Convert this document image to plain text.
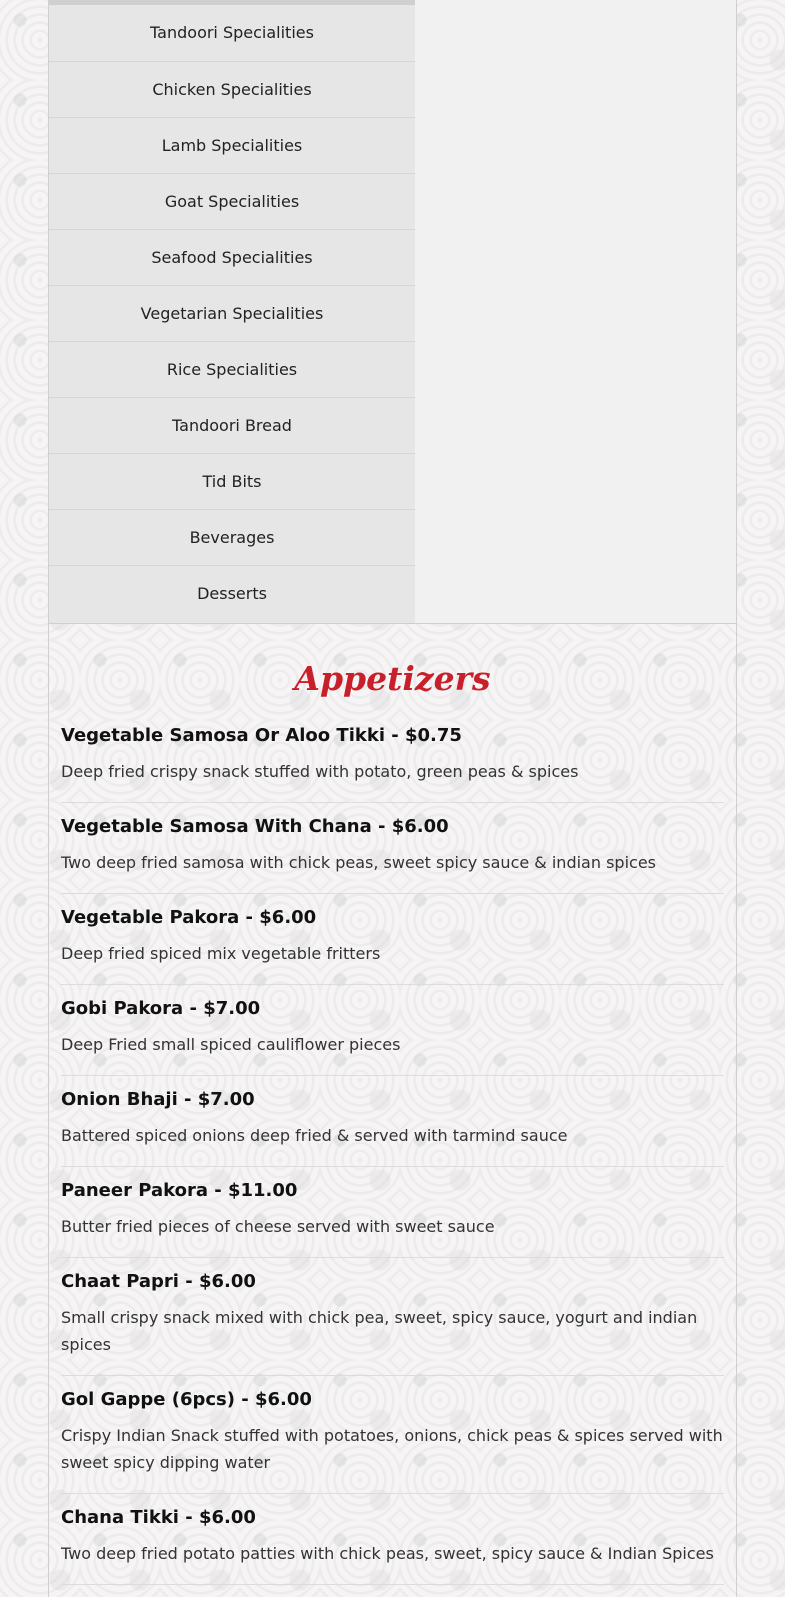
Tandoori Specialities
Chicken Specialities
Lamb Specialities
Goat Specialities
Seafood Specialities
Vegetarian Specialities
Rice Specialities
Tandoori Bread
Tid Bits
Beverages
Desserts
Appetizers

Vegetable Samosa Or Aloo Tikki - $0.75

Deep fried crispy snack stuffed with potato, green peas & spices

Vegetable Samosa With Chana - $6.00

Two deep fried samosa with chick peas, sweet spicy sauce & indian spices

Vegetable Pakora - $6.00

Deep fried spiced mix vegetable fritters

Gobi Pakora - $7.00

Deep Fried small spiced cauliflower pieces

Onion Bhaji - $7.00

Battered spiced onions deep fried & served with tarmind sauce

Paneer Pakora - $11.00

Butter fried pieces of cheese served with sweet sauce

Chaat Papri - $6.00

Small crispy snack mixed with chick pea, sweet, spicy sauce, yogurt and indian spices

Gol Gappe (6pcs) - $6.00

Crispy Indian Snack stuffed with potatoes, onions, chick peas & spices served with sweet spicy dipping water

Chana Tikki - $6.00

Two deep fried potato patties with chick peas, sweet, spicy sauce & Indian Spices
